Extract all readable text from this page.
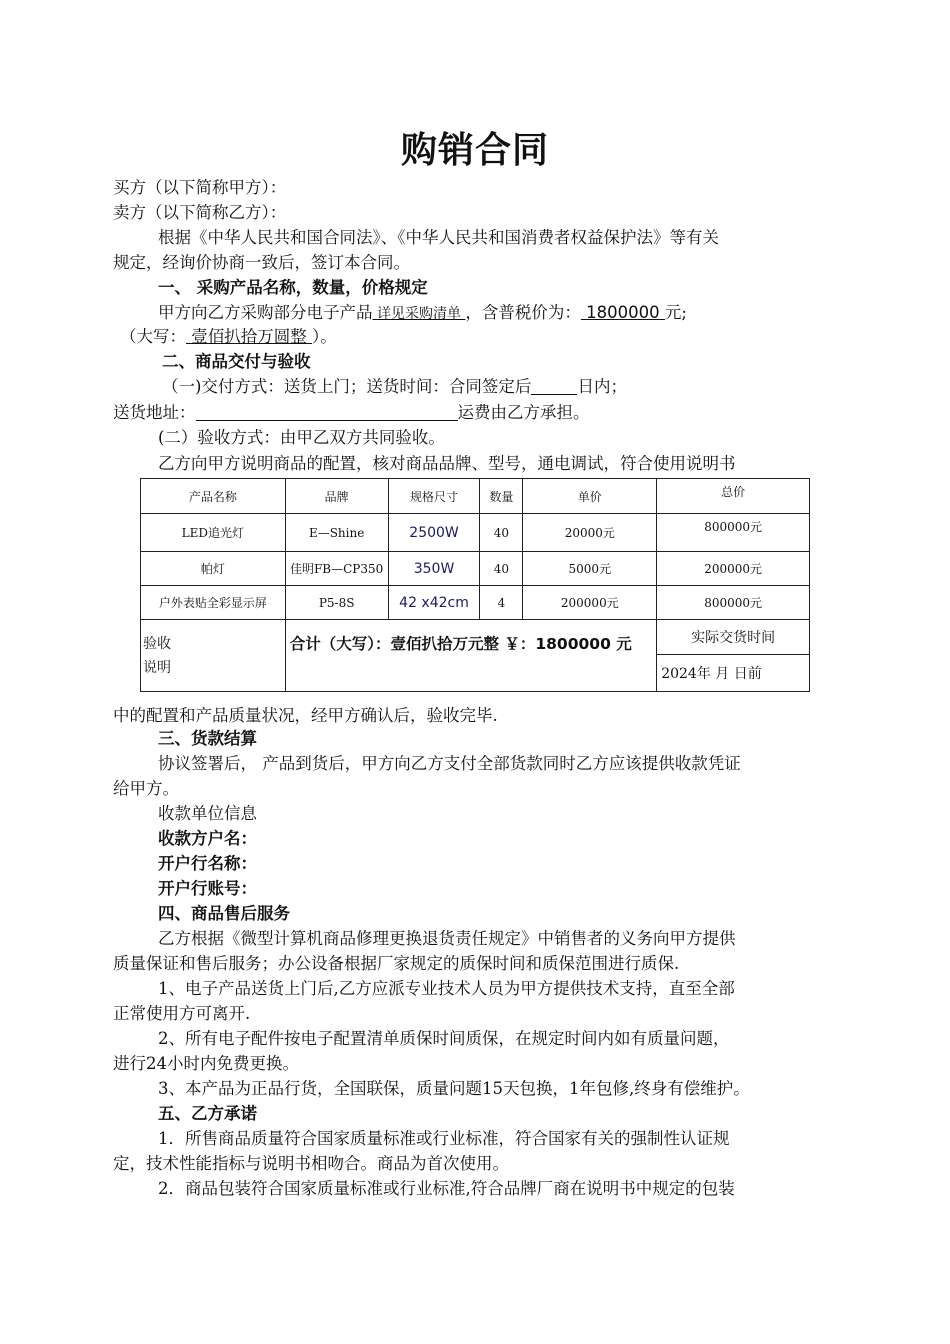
购销合同
买方（以下简称甲方）：
卖方（以下简称乙方）：
根据《中华人民共和国合同法》、《中华人民共和国消费者权益保护法》等有关
规定，经询价协商一致后，签订本合同。
一、 采购产品名称，数量，价格规定
甲方向乙方采购部分电子产品 详见采购清单 ，含普税价为： 1800000 元;
（大写： 壹佰扒拾万圆整 ）。
二、商品交付与验收
（一)交付方式：送货上门；送货时间：合同签定后	日内；
送货地址：	运费由乙方承担。
(二）验收方式：由甲乙双方共同验收。
乙方向甲方说明商品的配置，核对商品品牌、型号，通电调试，符合使用说明书
产品名称	品牌	规格尺寸	数量	单价	总价
LED追光灯	E—Shine	2500W	40	20000元	800000元
帕灯	佳明FB—CP350	350W	40	5000元	200000元
户外表贴全彩显示屏	P5-8S	42 x42cm	4	200000元	800000元

验收
说明	合计（大写）：壹佰扒拾万元整 ￥：1800000 元				实际交货时间
					2024年 月 日前
中的配置和产品质量状况，经甲方确认后，验收完毕.
三、货款结算
协议签署后， 产品到货后，甲方向乙方支付全部货款同时乙方应该提供收款凭证
给甲方。
收款单位信息
收款方户名：
开户行名称：
开户行账号：
四、商品售后服务
乙方根据《微型计算机商品修理更换退货责任规定》中销售者的义务向甲方提供
质量保证和售后服务；办公设备根据厂家规定的质保时间和质保范围进行质保.
1、电子产品送货上门后,乙方应派专业技术人员为甲方提供技术支持，直至全部
正常使用方可离开.
2、所有电子配件按电子配置清单质保时间质保，在规定时间内如有质量问题，
进行24小时内免费更换。
3、本产品为正品行货，全国联保，质量问题15天包换，1年包修,终身有偿维护。
五、乙方承诺
1．所售商品质量符合国家质量标准或行业标准，符合国家有关的强制性认证规
定，技术性能指标与说明书相吻合。商品为首次使用。
2．商品包装符合国家质量标准或行业标准,符合品牌厂商在说明书中规定的包装
